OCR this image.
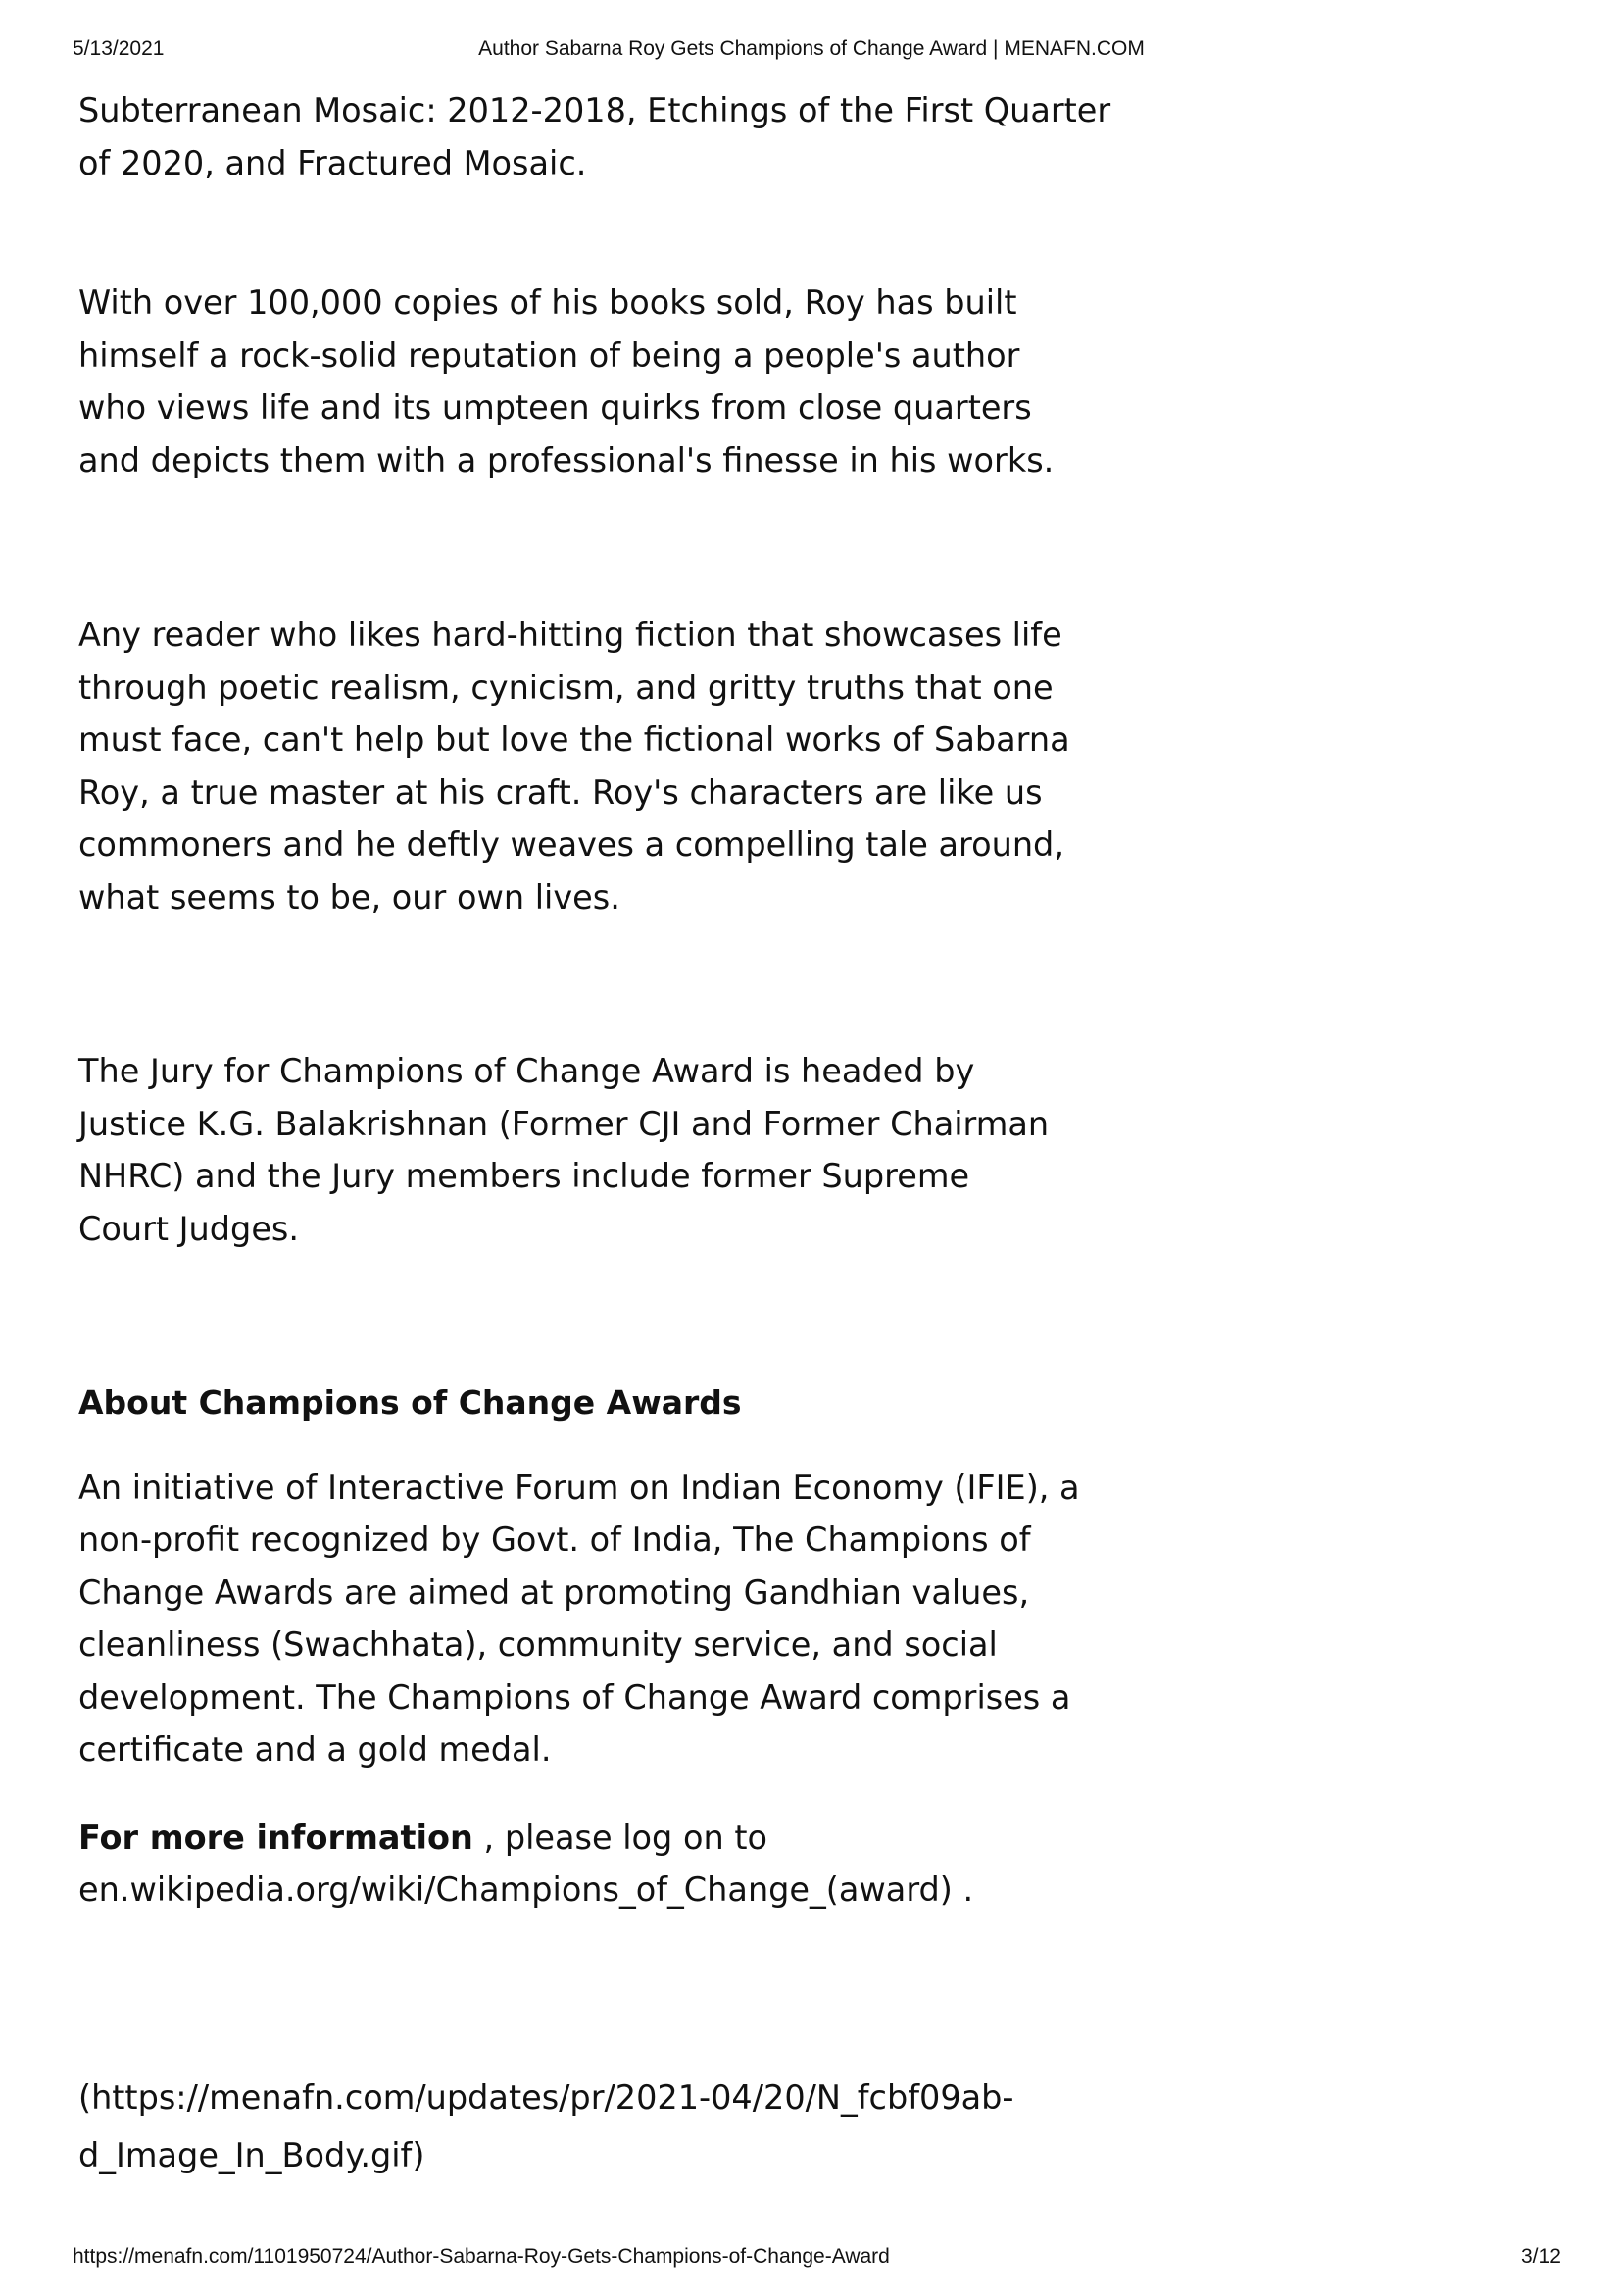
5/13/2021	Author Sabarna Roy Gets Champions of Change Award | MENAFN.COM
Subterranean Mosaic: 2012-2018, Etchings of the First Quarter
of 2020, and Fractured Mosaic.
With over 100,000 copies of his books sold, Roy has built
himself a rock-solid reputation of being a people's author
who views life and its umpteen quirks from close quarters
and depicts them with a professional's finesse in his works.
Any reader who likes hard-hitting fiction that showcases life
through poetic realism, cynicism, and gritty truths that one
must face, can't help but love the fictional works of Sabarna
Roy, a true master at his craft. Roy's characters are like us
commoners and he deftly weaves a compelling tale around,
what seems to be, our own lives.
The Jury for Champions of Change Award is headed by
Justice K.G. Balakrishnan (Former CJI and Former Chairman
NHRC) and the Jury members include former Supreme
Court Judges.
About Champions of Change Awards
An initiative of Interactive Forum on Indian Economy (IFIE), a
non-profit recognized by Govt. of India, The Champions of
Change Awards are aimed at promoting Gandhian values,
cleanliness (Swachhata), community service, and social
development. The Champions of Change Award comprises a
certificate and a gold medal.
For more information , please log on to
en.wikipedia.org/wiki/Champions_of_Change_(award) .
(https://menafn.com/updates/pr/2021-04/20/N_fcbf09ab-
d_Image_In_Body.gif)
https://menafn.com/1101950724/Author-Sabarna-Roy-Gets-Champions-of-Change-Award	3/12
